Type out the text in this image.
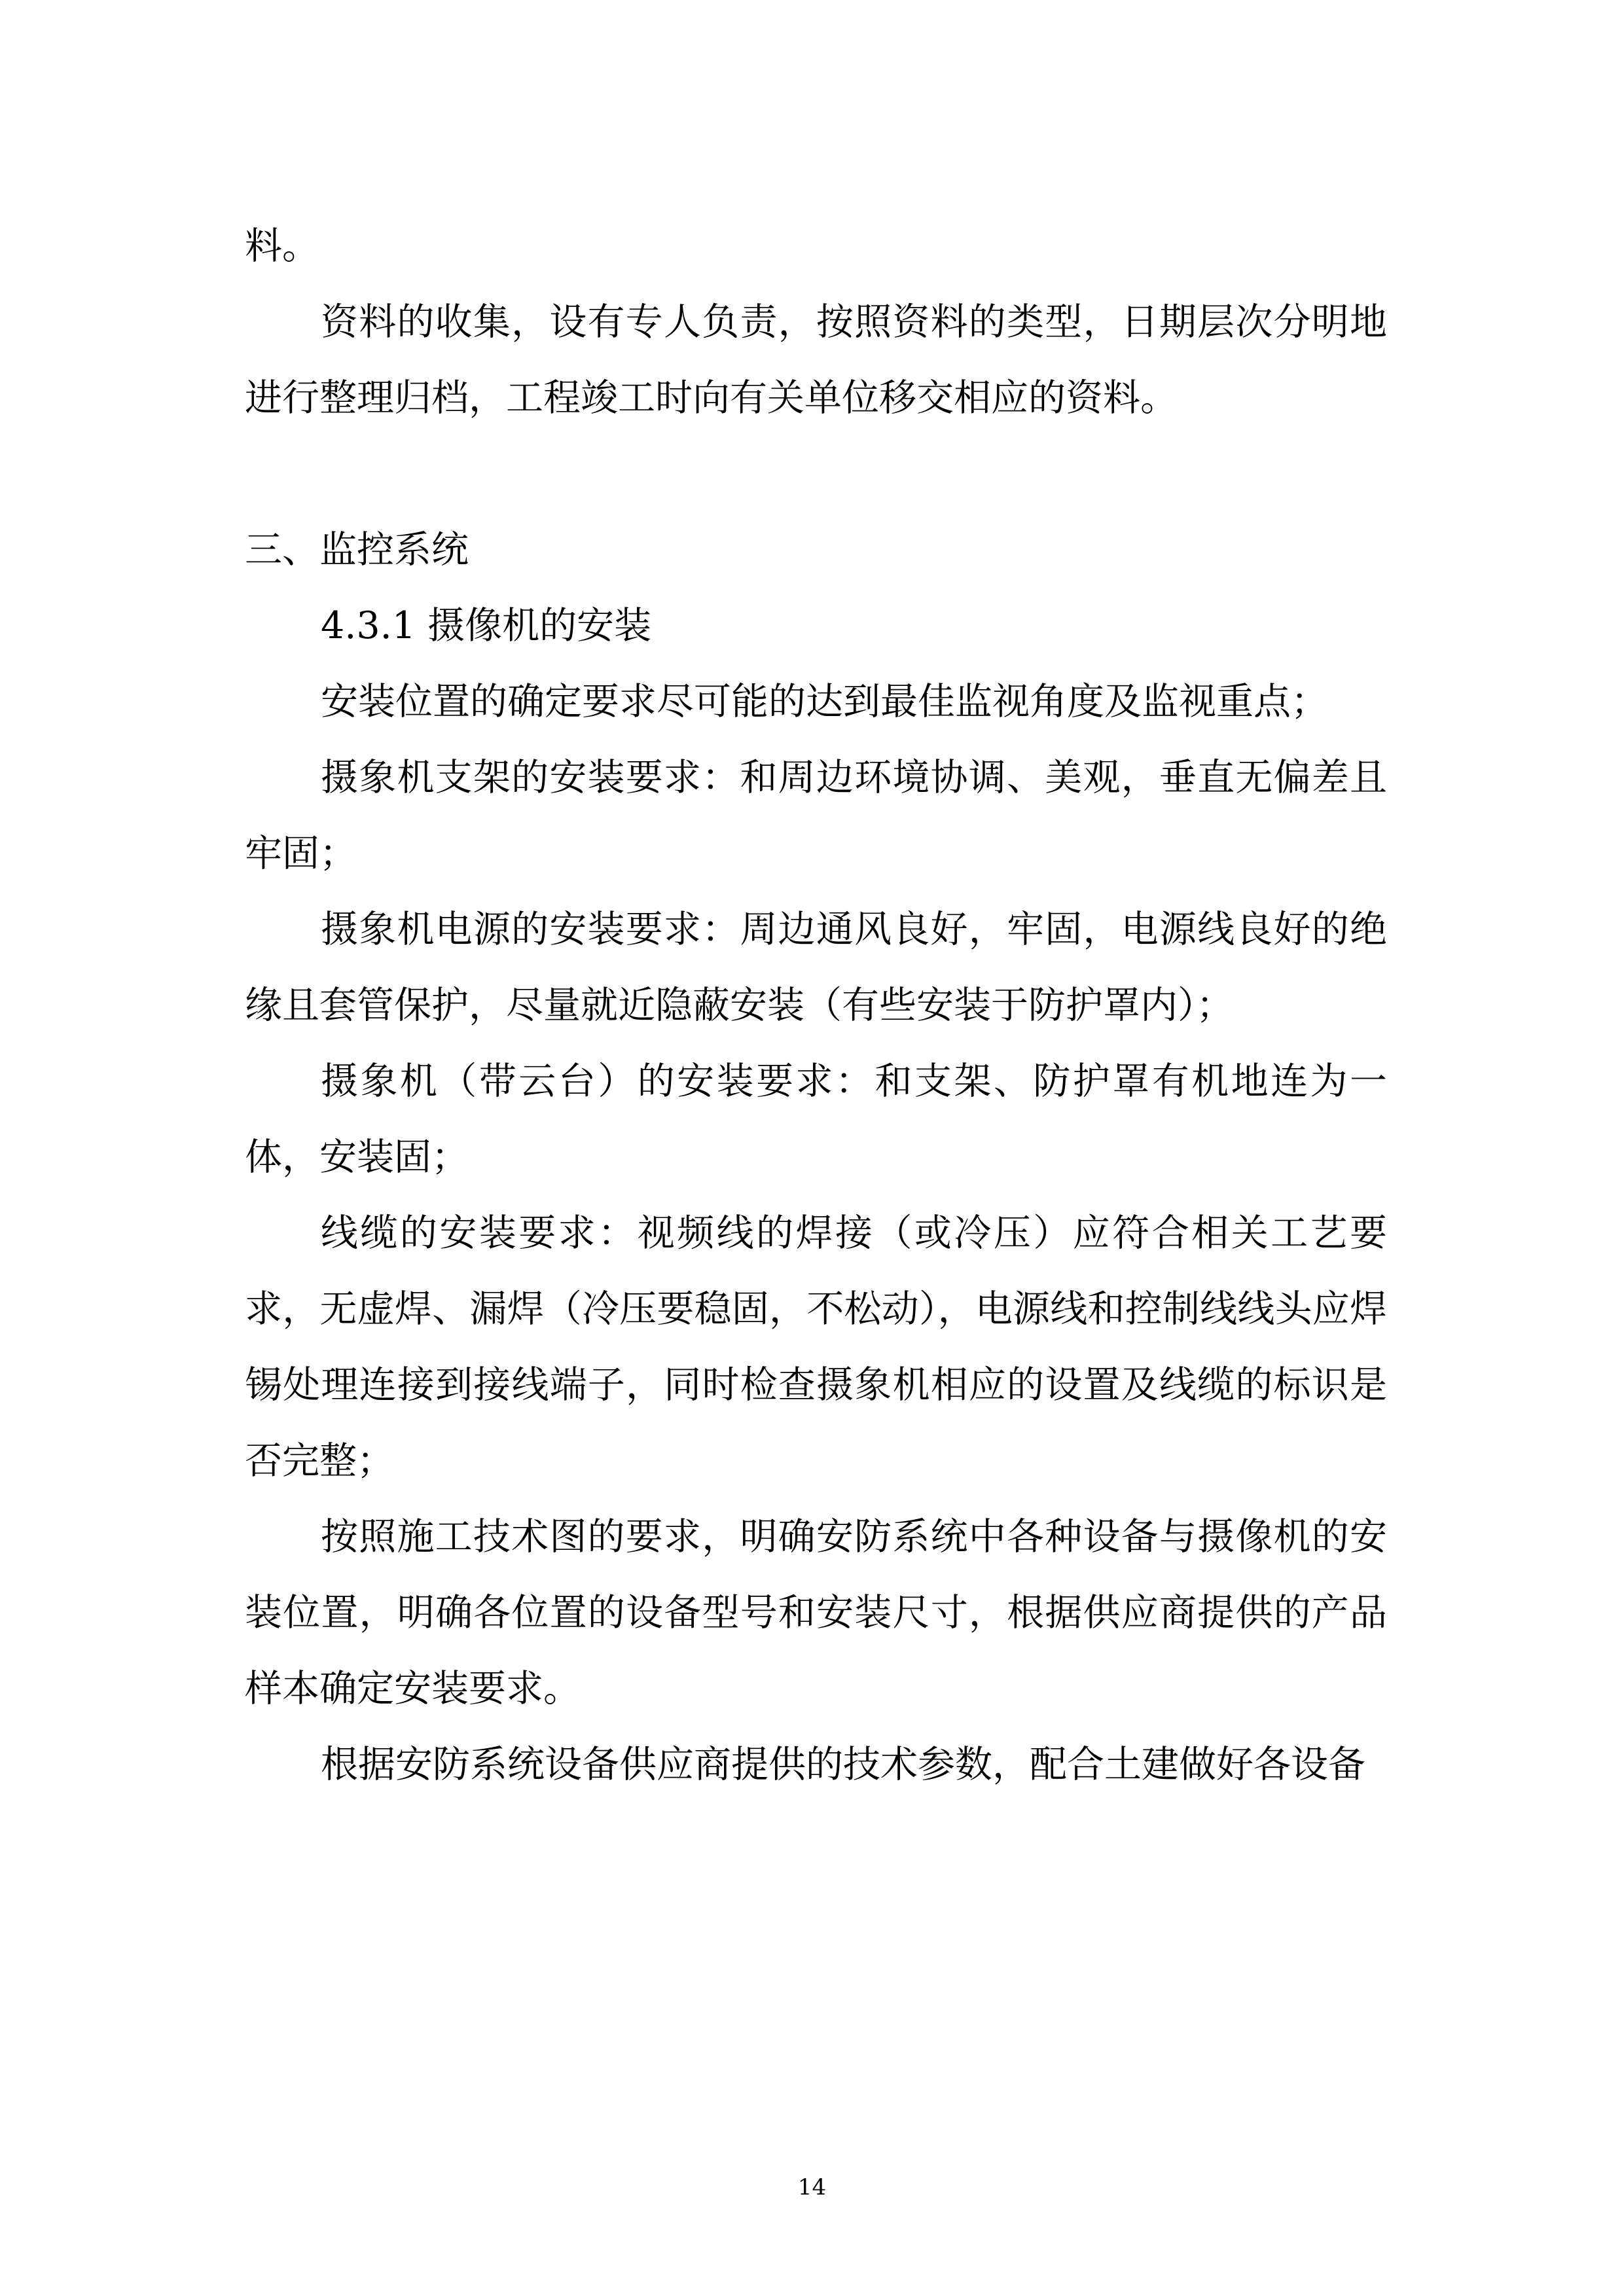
料。

资料的收集，设有专人负责，按照资料的类型，日期层次分明地进行整理归档，工程竣工时向有关单位移交相应的资料。

三、监控系统

4.3.1 摄像机的安装

安装位置的确定要求尽可能的达到最佳监视角度及监视重点；

摄象机支架的安装要求：和周边环境协调、美观，垂直无偏差且牢固；

摄象机电源的安装要求：周边通风良好，牢固，电源线良好的绝缘且套管保护，尽量就近隐蔽安装（有些安装于防护罩内）；

摄象机（带云台）的安装要求：和支架、防护罩有机地连为一体，安装固；

线缆的安装要求：视频线的焊接（或冷压）应符合相关工艺要求，无虚焊、漏焊（冷压要稳固，不松动），电源线和控制线线头应焊锡处理连接到接线端子，同时检查摄象机相应的设置及线缆的标识是否完整；

按照施工技术图的要求，明确安防系统中各种设备与摄像机的安装位置，明确各位置的设备型号和安装尺寸，根据供应商提供的产品样本确定安装要求。

根据安防系统设备供应商提供的技术参数，配合土建做好各设备

14
